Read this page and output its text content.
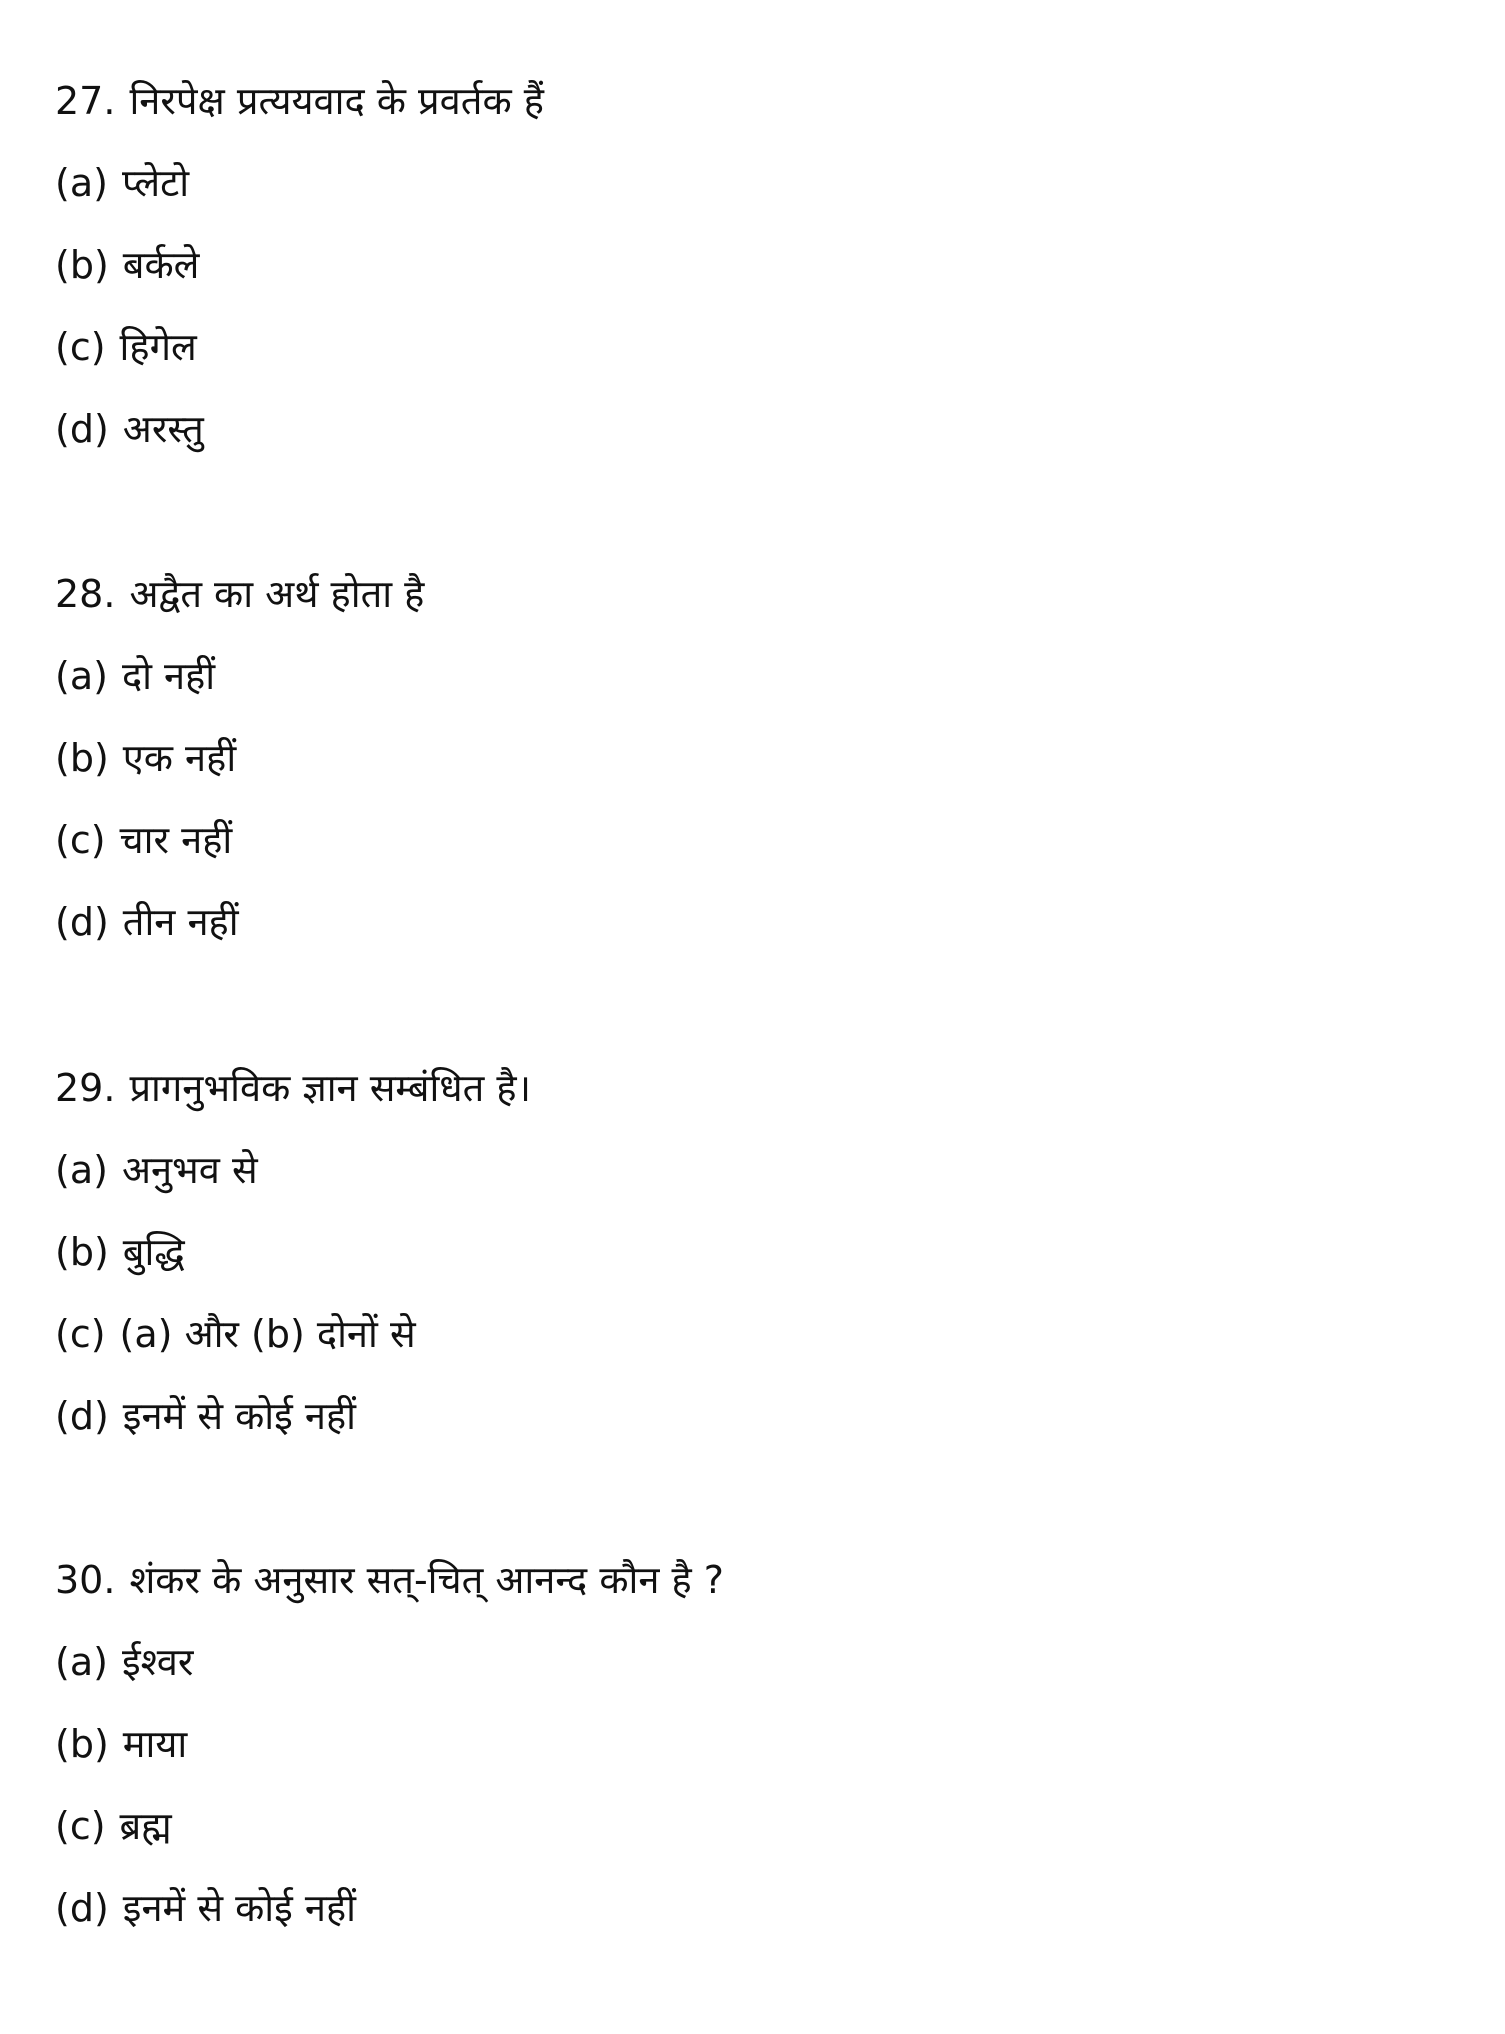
27. निरपेक्ष प्रत्ययवाद के प्रवर्तक हैं
(a) प्लेटो
(b) बर्कले
(c) हिगेल
(d) अरस्तु
28. अद्वैत का अर्थ होता है
(a) दो नहीं
(b) एक नहीं
(c) चार नहीं
(d) तीन नहीं
29. प्रागनुभविक ज्ञान सम्बंधित है।
(a) अनुभव से
(b) बुद्धि
(c) (a) और (b) दोनों से
(d) इनमें से कोई नहीं
30. शंकर के अनुसार सत्-चित् आनन्द कौन है ?
(a) ईश्वर
(b) माया
(c) ब्रह्म
(d) इनमें से कोई नहीं
